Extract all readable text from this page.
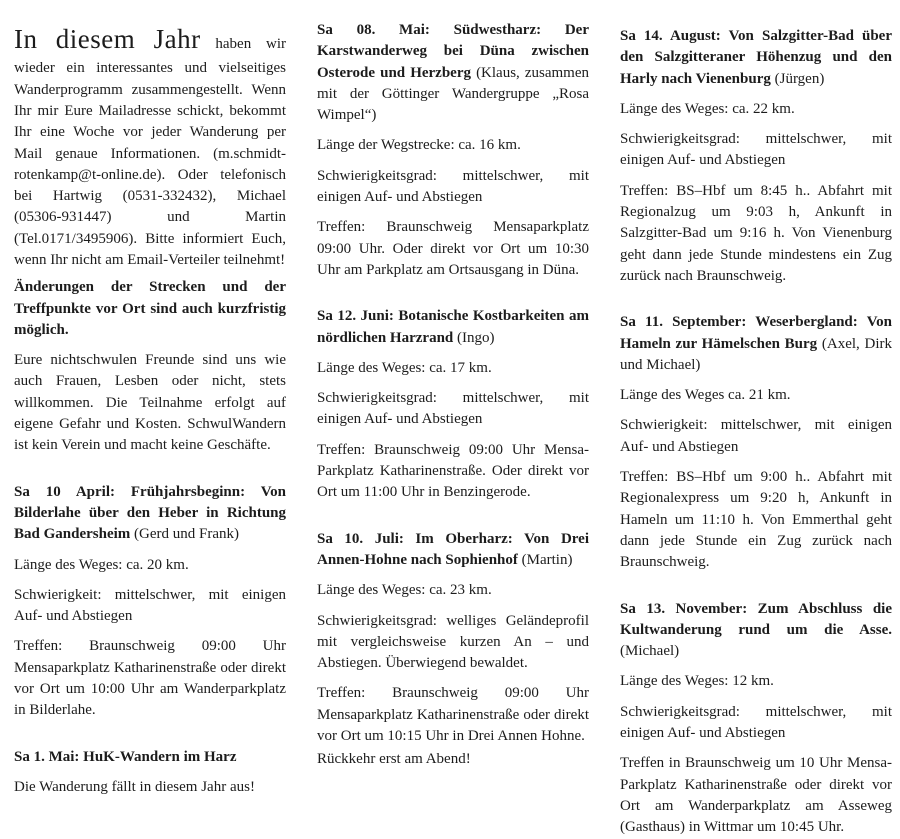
In diesem Jahr haben wir wieder ein interessantes und vielseitiges Wanderprogramm zusammengestellt. Wenn Ihr mir Eure Mailadresse schickt, bekommt Ihr eine Woche vor jeder Wanderung per Mail genaue Informationen. (m.schmidt-rotenkamp@t-online.de). Oder telefonisch bei Hartwig (0531-332432), Michael (05306-931447) und Martin (Tel.0171/3495906). Bitte informiert Euch, wenn Ihr nicht am Email-Verteiler teilnehmt!

Änderungen der Strecken und der Treffpunkte vor Ort sind auch kurzfristig möglich.

Eure nichtschwulen Freunde sind uns wie auch Frauen, Lesben oder nicht, stets willkommen. Die Teilnahme erfolgt auf eigene Gefahr und Kosten. SchwulWandern ist kein Verein und macht keine Geschäfte.

Sa 10 April: Frühjahrsbeginn: Von Bilderlahe über den Heber in Richtung Bad Gandersheim (Gerd und Frank)

Länge des Weges: ca. 20 km.

Schwierigkeit: mittelschwer, mit einigen Auf- und Abstiegen

Treffen: Braunschweig 09:00 Uhr Mensaparkplatz Katharinenstraße oder direkt vor Ort um 10:00 Uhr am Wanderparkplatz in Bilderlahe.

Sa 1. Mai: HuK-Wandern im Harz

Die Wanderung fällt in diesem Jahr aus!

Sa 08. Mai: Südwestharz: Der Karstwanderweg bei Düna zwischen Osterode und Herzberg (Klaus, zusammen mit der Göttinger Wandergruppe „Rosa Wimpel“)

Länge der Wegstrecke: ca. 16 km.

Schwierigkeitsgrad: mittelschwer, mit einigen Auf- und Abstiegen

Treffen: Braunschweig Mensaparkplatz 09:00 Uhr. Oder direkt vor Ort um 10:30 Uhr am Parkplatz am Ortsausgang in Düna.

Sa 12. Juni: Botanische Kostbarkeiten am nördlichen Harzrand (Ingo)

Länge des Weges: ca. 17 km.

Schwierigkeitsgrad: mittelschwer, mit einigen Auf- und Abstiegen

Treffen: Braunschweig 09:00 Uhr Mensa-Parkplatz Katharinenstraße. Oder direkt vor Ort um 11:00 Uhr in Benzingerode.

Sa 10. Juli: Im Oberharz: Von Drei Annen-Hohne nach Sophienhof (Martin)

Länge des Weges: ca. 23 km.

Schwierigkeitsgrad: welliges Geländeprofil mit vergleichsweise kurzen An – und Abstiegen. Überwiegend bewaldet.

Treffen: Braunschweig 09:00 Uhr Mensaparkplatz Katharinenstraße oder direkt vor Ort um 10:15 Uhr in Drei Annen Hohne.

Rückkehr erst am Abend!

Sa 14. August: Von Salzgitter-Bad über den Salzgitteraner Höhenzug und den Harly nach Vienenburg (Jürgen)

Länge des Weges: ca. 22 km.

Schwierigkeitsgrad: mittelschwer, mit einigen Auf- und Abstiegen

Treffen: BS–Hbf um 8:45 h.. Abfahrt mit Regionalzug um 9:03 h, Ankunft in Salzgitter-Bad um 9:16 h. Von Vienenburg geht dann jede Stunde mindestens ein Zug zurück nach Braunschweig.

Sa 11. September: Weserbergland: Von Hameln zur Hämelschen Burg (Axel, Dirk und Michael)

Länge des Weges ca. 21 km.

Schwierigkeit: mittelschwer, mit einigen Auf- und Abstiegen

Treffen: BS–Hbf um 9:00 h.. Abfahrt mit Regionalexpress um 9:20 h, Ankunft in Hameln um 11:10 h. Von Emmerthal geht dann jede Stunde ein Zug zurück nach Braunschweig.

Sa 13. November: Zum Abschluss die Kultwanderung rund um die Asse. (Michael)

Länge des Weges: 12 km.

Schwierigkeitsgrad: mittelschwer, mit einigen Auf- und Abstiegen

Treffen in Braunschweig um 10 Uhr Mensa-Parkplatz Katharinenstraße oder direkt vor Ort am Wanderparkplatz am Asseweg (Gasthaus) in Wittmar um 10:45 Uhr.
